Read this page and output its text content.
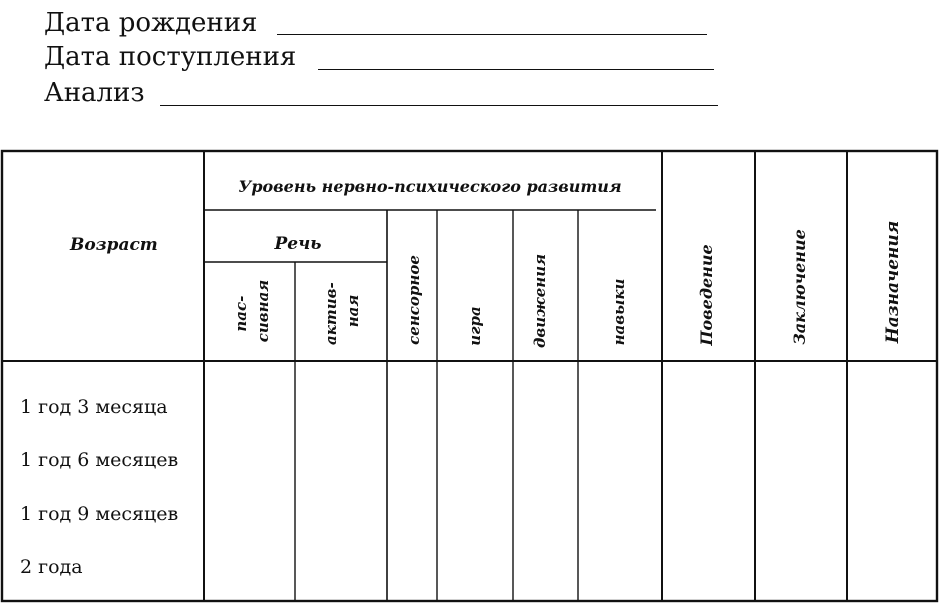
Дата рождения
Дата поступления
Анализ
Возраст
Уровень нервно-психического развития
Речь
пас- сивная	актив- ная	сенсорное	игра	движения	навыки	Поведение	Заключение	Назначения
1 год 3 месяца
1 год 6 месяцев
1 год 9 месяцев
2 года
